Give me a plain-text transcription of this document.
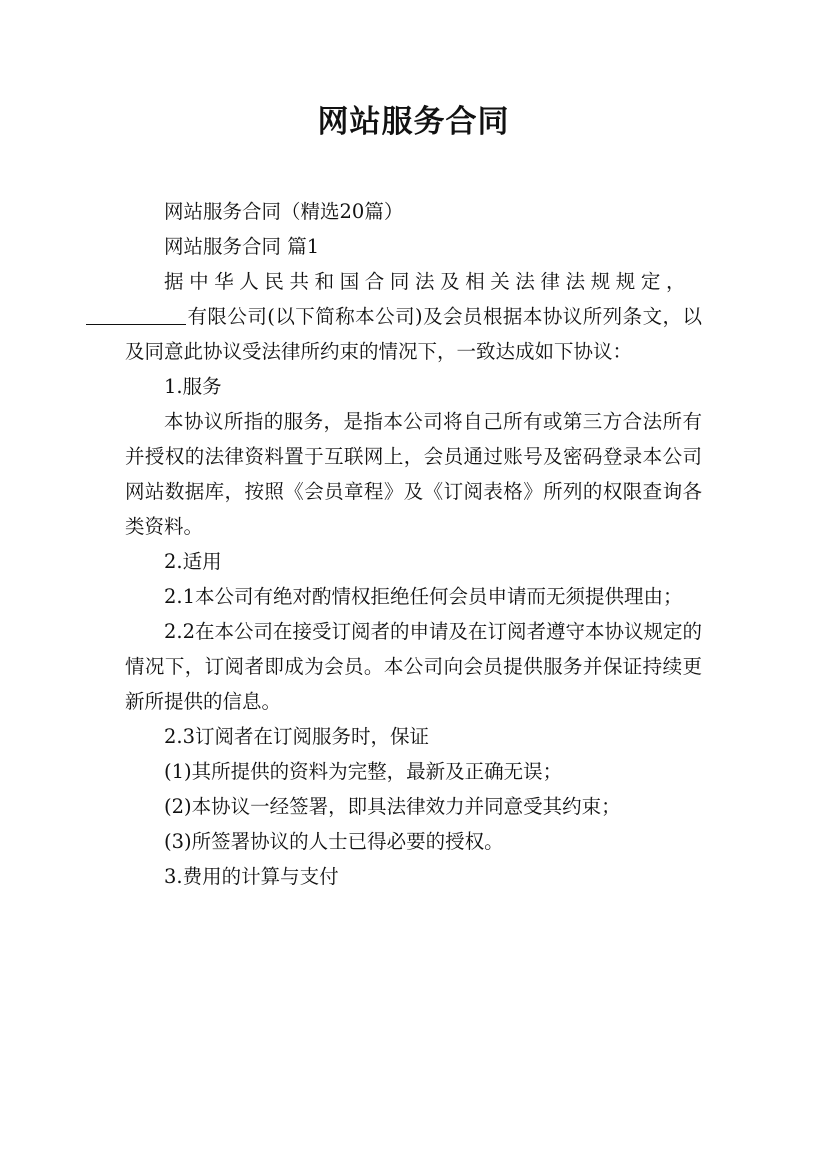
网站服务合同

网站服务合同（精选20篇）

网站服务合同 篇1

据中华人民共和国合同法及相关法律法规规定，
有限公司(以下简称本公司)及会员根据本协议所列条文，以及同意此协议受法律所约束的情况下，一致达成如下协议：

1.服务

本协议所指的服务，是指本公司将自己所有或第三方合法所有并授权的法律资料置于互联网上，会员通过账号及密码登录本公司网站数据库，按照《会员章程》及《订阅表格》所列的权限查询各类资料。

2.适用

2.1本公司有绝对酌情权拒绝任何会员申请而无须提供理由；

2.2在本公司在接受订阅者的申请及在订阅者遵守本协议规定的情况下，订阅者即成为会员。本公司向会员提供服务并保证持续更新所提供的信息。

2.3订阅者在订阅服务时，保证

(1)其所提供的资料为完整，最新及正确无误；

(2)本协议一经签署，即具法律效力并同意受其约束；

(3)所签署协议的人士已得必要的授权。

3.费用的计算与支付
